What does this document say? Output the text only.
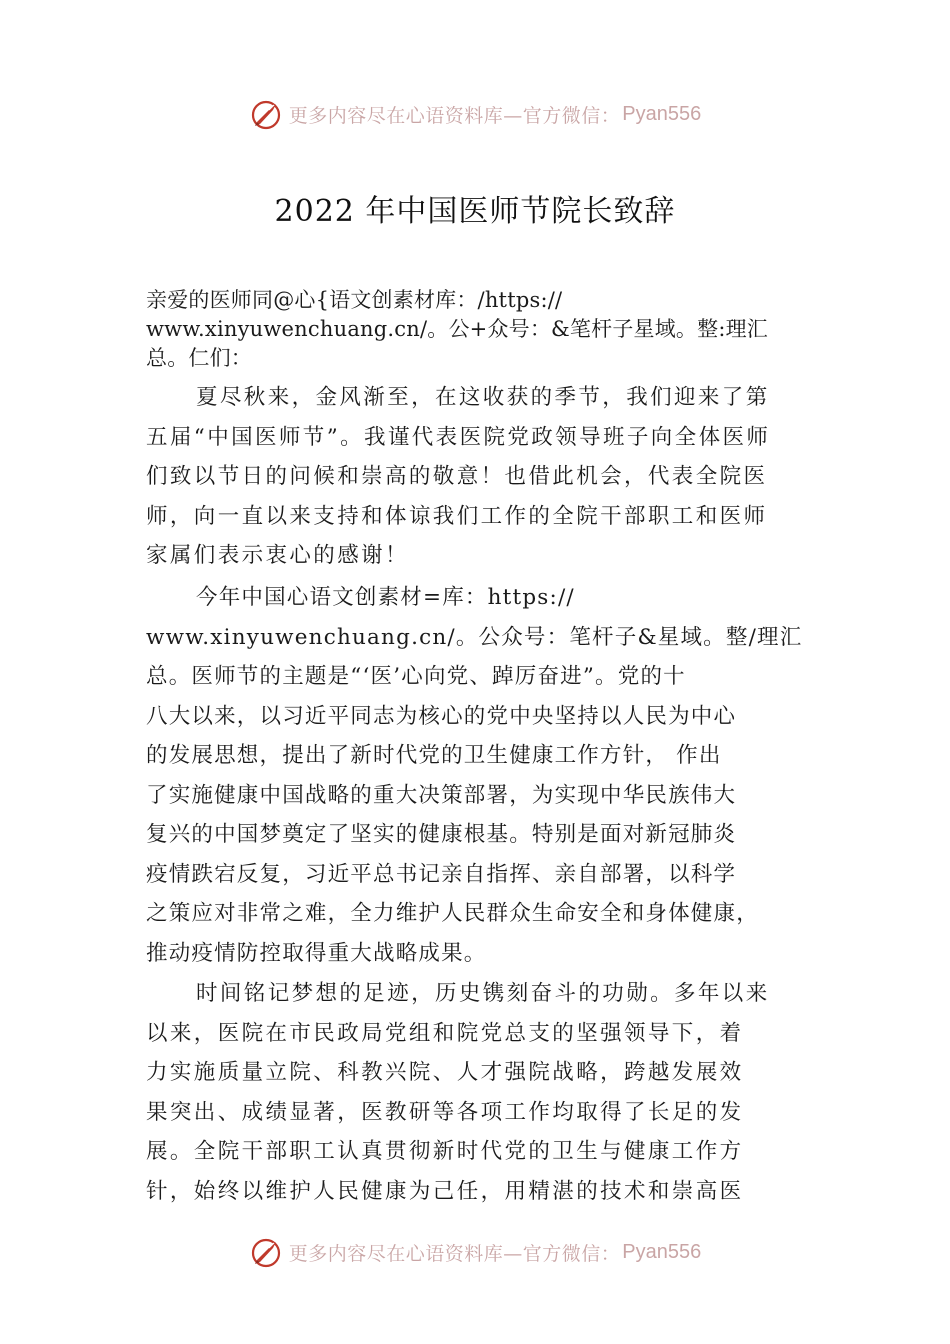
更多内容尽在心语资料库—官方微信： Pyan556
2022 年中国医师节院长致辞
亲爱的医师同@心{语文创素材库：/https://
www.xinyuwenchuang.cn/。公+众号：&笔杆子星域。整:理汇
总。仁们：
夏尽秋来，金风渐至，在这收获的季节，我们迎来了第
五届“中国医师节”。我谨代表医院党政领导班子向全体医师
们致以节日的问候和崇高的敬意！也借此机会，代表全院医
师，向一直以来支持和体谅我们工作的全院干部职工和医师
家属们表示衷心的感谢！
今年中国心语文创素材=库：https://
www.xinyuwenchuang.cn/。公众号：笔杆子&星域。整/理汇
总。医师节的主题是“‘医’心向党、踔厉奋进”。党的十
八大以来，以习近平同志为核心的党中央坚持以人民为中心
的发展思想，提出了新时代党的卫生健康工作方针， 作出
了实施健康中国战略的重大决策部署，为实现中华民族伟大
复兴的中国梦奠定了坚实的健康根基。特别是面对新冠肺炎
疫情跌宕反复，习近平总书记亲自指挥、亲自部署，以科学
之策应对非常之难，全力维护人民群众生命安全和身体健康，
推动疫情防控取得重大战略成果。
时间铭记梦想的足迹，历史镌刻奋斗的功勋。多年以来
以来，医院在市民政局党组和院党总支的坚强领导下，着
力实施质量立院、科教兴院、人才强院战略，跨越发展效
果突出、成绩显著，医教研等各项工作均取得了长足的发
展。全院干部职工认真贯彻新时代党的卫生与健康工作方
针，始终以维护人民健康为己任，用精湛的技术和崇高医
更多内容尽在心语资料库—官方微信： Pyan556
